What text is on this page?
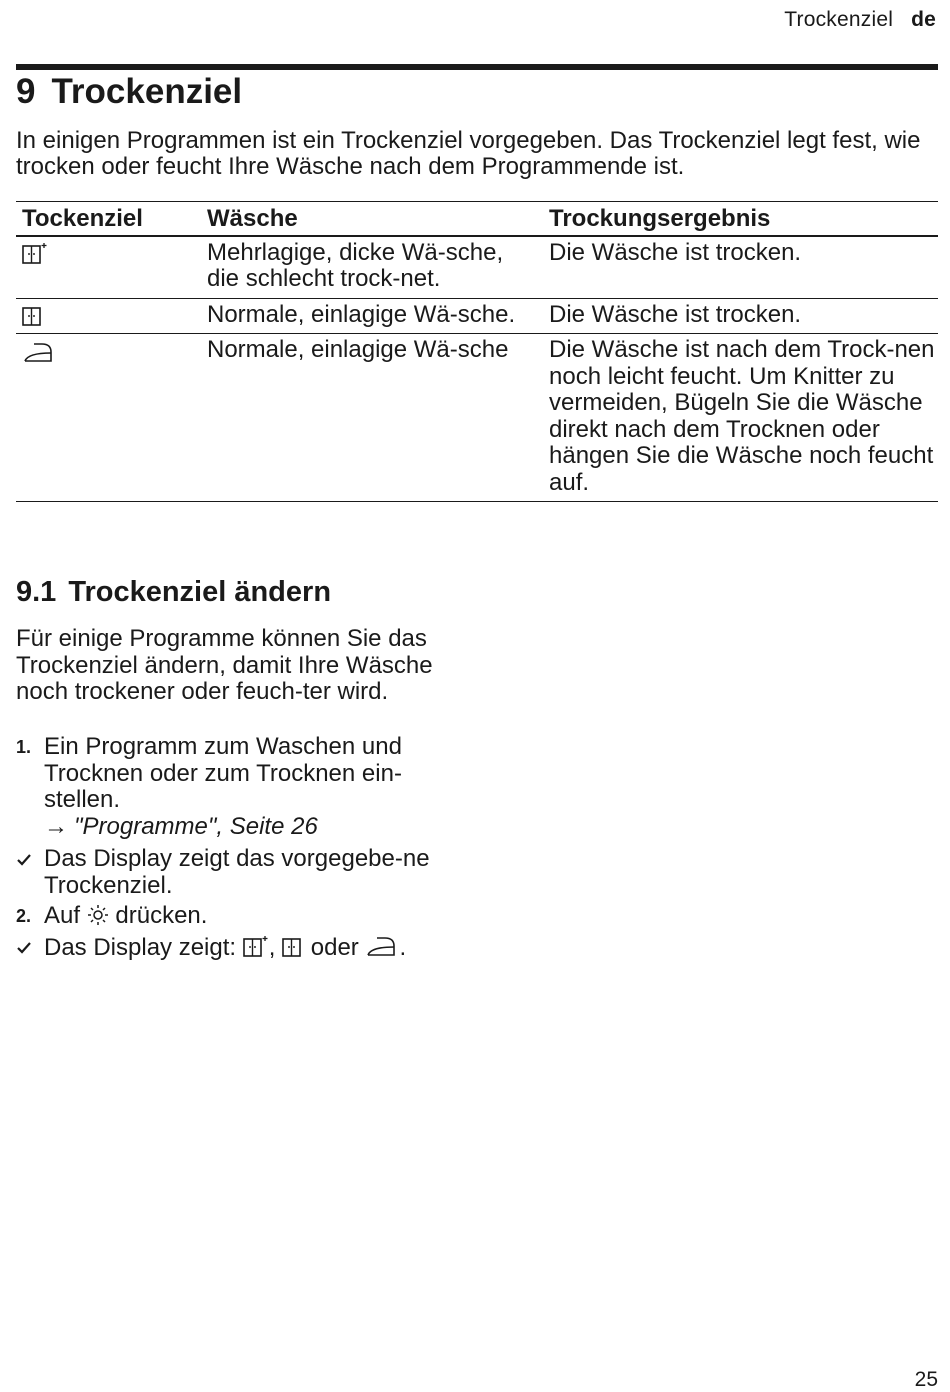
Trockenziel de
9 Trockenziel

In einigen Programmen ist ein Trockenziel vorgegeben. Das Trockenziel legt fest, wie trocken oder feucht Ihre Wäsche nach dem Programmende ist.

Tockenziel	Wäsche	Trockungsergebnis

	Mehrlagige, dicke Wä-sche, die schlecht trock-net.	Die Wäsche ist trocken.

	Normale, einlagige Wä-sche.	Die Wäsche ist trocken.

	Normale, einlagige Wä-sche	Die Wäsche ist nach dem Trock-nen noch leicht feucht. Um Knitter zu vermeiden, Bügeln Sie die Wäsche direkt nach dem Trocknen oder hängen Sie die Wäsche noch feucht auf.
9.1 Trockenziel ändern

Für einige Programme können Sie das Trockenziel ändern, damit Ihre Wäsche noch trockener oder feuch-ter wird.

1. Ein Programm zum Waschen und Trocknen oder zum Trocknen ein-stellen.
→ "Programme", Seite 26
Das Display zeigt das vorgegebe-ne Trockenziel.
2. Auf drücken.
Das Display zeigt: , oder .
25
